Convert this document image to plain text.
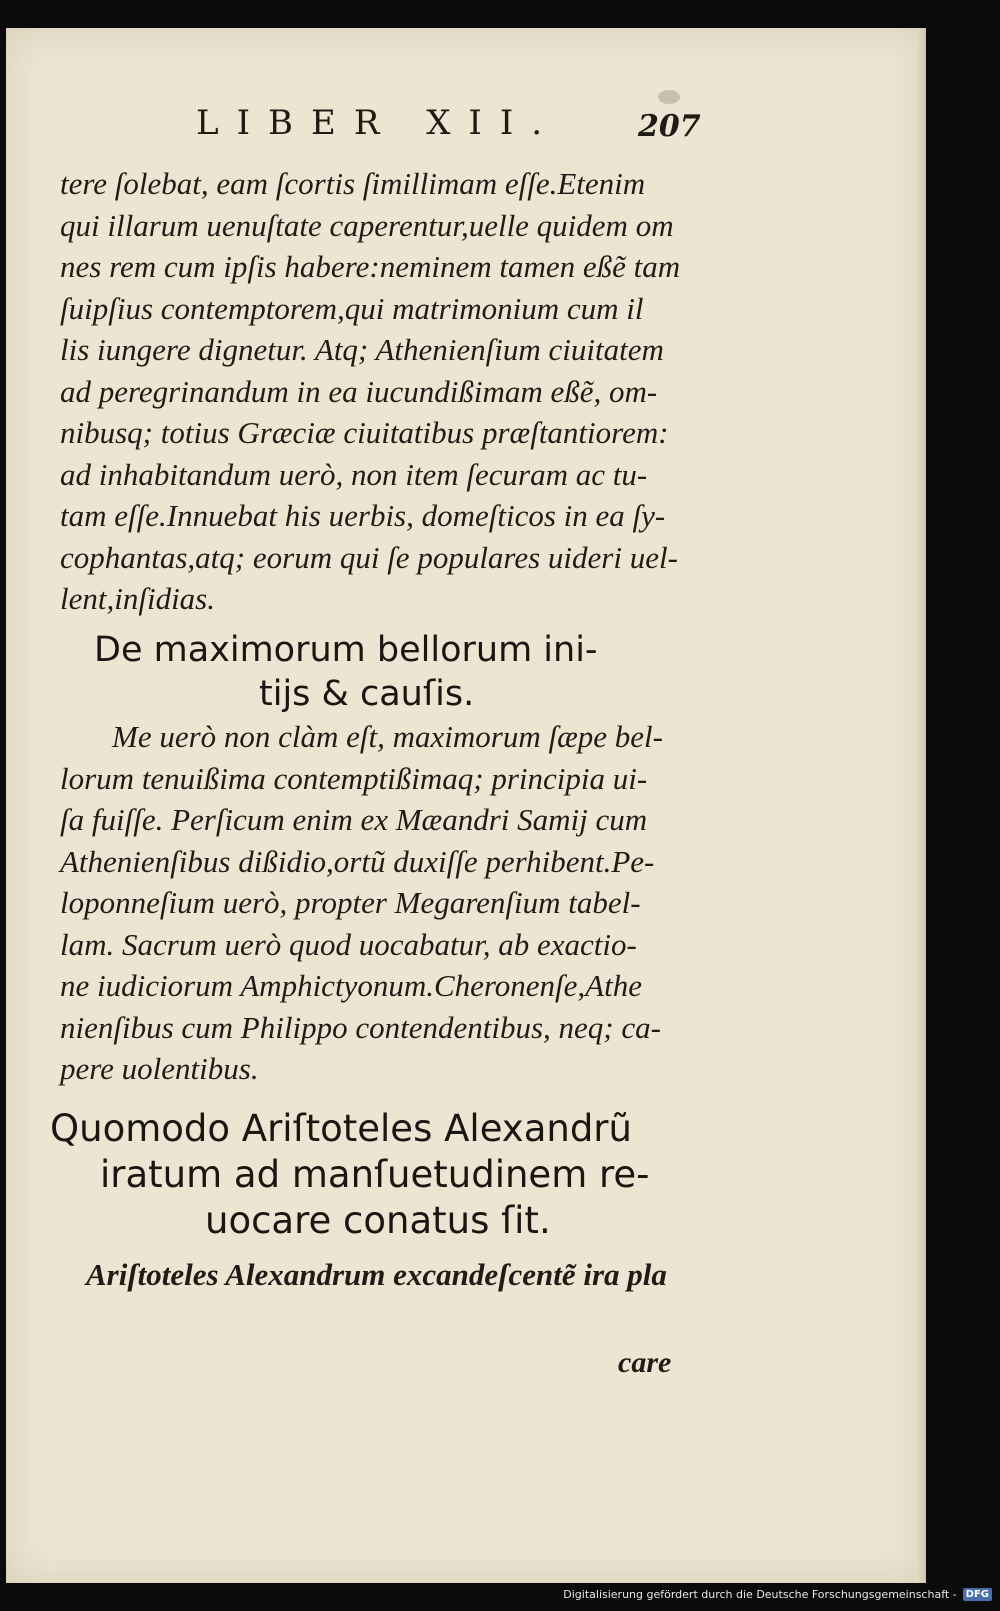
LIBER XII.	207
tere ſolebat, eam ſcortis ſimillimam eſſe.Etenim
qui illarum uenuſtate caperentur,uelle quidem om
nes rem cum ipſis habere:neminem tamen eßẽ tam
ſuipſius contemptorem,qui matrimonium cum il
lis iungere dignetur. Atq; Athenienſium ciuitatem
ad peregrinandum in ea iucundißimam eßẽ, om-
nibusq; totius Græciæ ciuitatibus præſtantiorem:
ad inhabitandum uerò, non item ſecuram ac tu-
tam eſſe.Innuebat his uerbis, domeſticos in ea ſy-
cophantas,atq; eorum qui ſe populares uideri uel-
lent,inſidias.
De maximorum bellorum ini-
tijs & cauſis.
Me uerò non clàm eſt, maximorum ſæpe bel-
lorum tenuißima contemptißimaq; principia ui-
ſa fuiſſe. Perſicum enim ex Mæandri Samij cum
Athenienſibus dißidio,ortũ duxiſſe perhibent.Pe-
loponneſium uerò, propter Megarenſium tabel-
lam. Sacrum uerò quod uocabatur, ab exactio-
ne iudiciorum Amphictyonum.Cheronenſe,Athe
nienſibus cum Philippo contendentibus, neq; ca-
pere uolentibus.
Quomodo Ariſtoteles Alexandrũ
iratum ad manſuetudinem re-
uocare conatus ſit.
Ariſtoteles Alexandrum excandeſcentẽ ira pla
care
Digitalisierung gefördert durch die Deutsche Forschungsgemeinschaft - DFG
